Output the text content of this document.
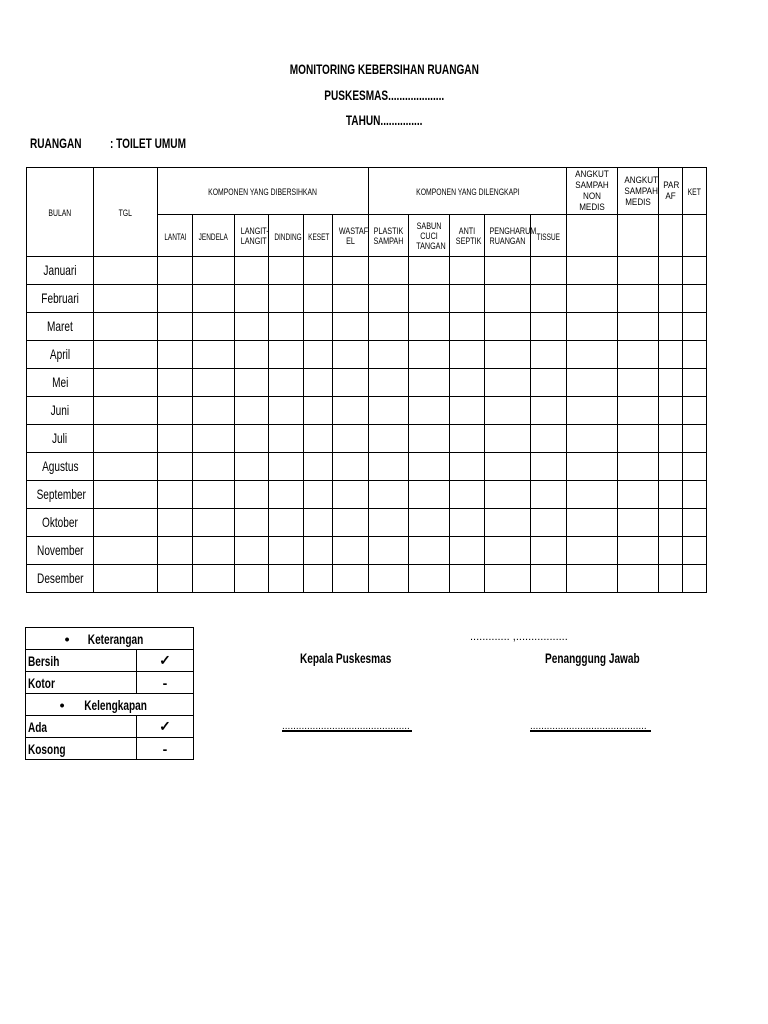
MONITORING KEBERSIHAN RUANGAN
PUSKESMAS....................
TAHUN...............
RUANGAN : TOILET UMUM
BULAN	TGL	KOMPONEN YANG DIBERSIHKAN						KOMPONEN YANG DILENGKAPI					ANGKUT SAMPAH NON MEDIS	ANGKUT SAMPAH MEDIS	PAR AF	KET
		LANTAI	JENDELA	LANGIT-LANGIT	DINDING	KESET	WASTAF EL	PLASTIK SAMPAH	SABUN CUCI TANGAN	ANTI SEPTIK	PENGHARUM RUANGAN	TISSUE				
Januari																
Februari																
Maret																
April																
Mei																
Juni																
Juli																
Agustus																
September																
Oktober																
November																
Desember																
• Keterangan	
Bersih	✓
Kotor	-
• Kelengkapan	
Ada	✓
Kosong	-
............. ,.................
Kepala Puskesmas	Penanggung Jawab
..............................................	..........................................
